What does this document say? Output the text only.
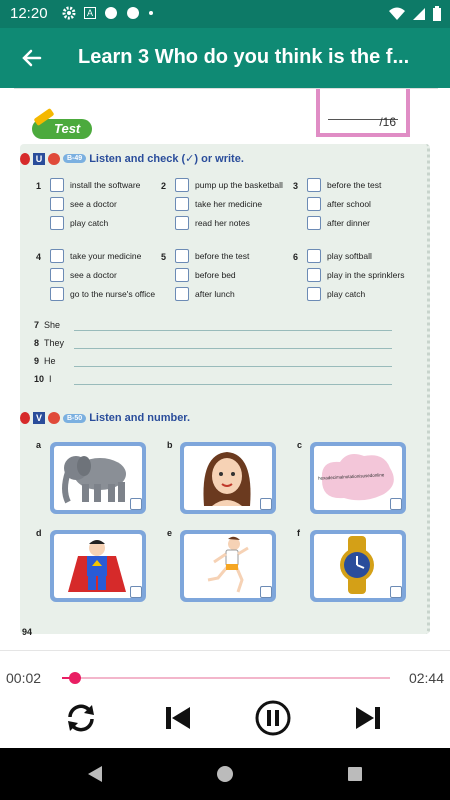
12:20	A
Learn 3 Who do you think is the f...
/16
Test
U	B-49 Listen and check (✓) or write.
1	install the software
see a doctor
play catch
2	pump up the basketball
take her medicine
read her notes
3	before the test
after school
after dinner
4	take your medicine
see a doctor
go to the nurse's office
5	before the test
before bed
after lunch
6	play softball
play in the sprinklers
play catch
7 She
8 They
9 He
10 I
V	B-50 Listen and number.
a	b	c
hexadecimalnotationisusedonline
d	e	f
94
00:02	02:44
